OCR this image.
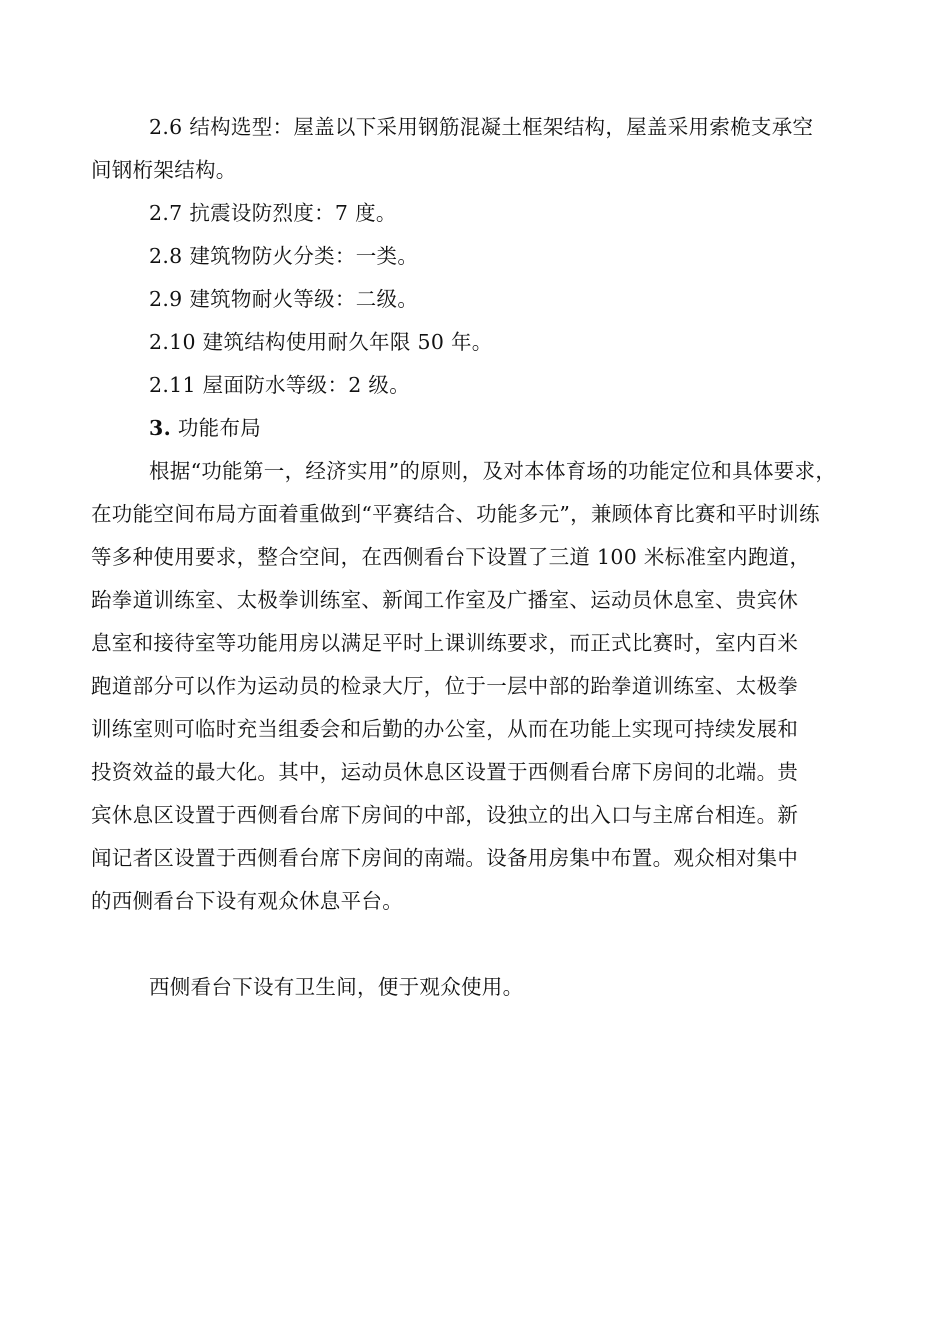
2.6 结构选型：屋盖以下采用钢筋混凝土框架结构，屋盖采用索桅支承空
间钢桁架结构。
2.7 抗震设防烈度：7 度。
2.8 建筑物防火分类：一类。
2.9 建筑物耐火等级：二级。
2.10 建筑结构使用耐久年限 50 年。
2.11 屋面防水等级：2 级。
3. 功能布局
根据“功能第一，经济实用”的原则，及对本体育场的功能定位和具体要求，
在功能空间布局方面着重做到“平赛结合、功能多元”，兼顾体育比赛和平时训练
等多种使用要求，整合空间，在西侧看台下设置了三道 100 米标准室内跑道，
跆拳道训练室、太极拳训练室、新闻工作室及广播室、运动员休息室、贵宾休
息室和接待室等功能用房以满足平时上课训练要求，而正式比赛时，室内百米
跑道部分可以作为运动员的检录大厅，位于一层中部的跆拳道训练室、太极拳
训练室则可临时充当组委会和后勤的办公室，从而在功能上实现可持续发展和
投资效益的最大化。其中，运动员休息区设置于西侧看台席下房间的北端。贵
宾休息区设置于西侧看台席下房间的中部，设独立的出入口与主席台相连。新
闻记者区设置于西侧看台席下房间的南端。设备用房集中布置。观众相对集中
的西侧看台下设有观众休息平台。
西侧看台下设有卫生间，便于观众使用。
